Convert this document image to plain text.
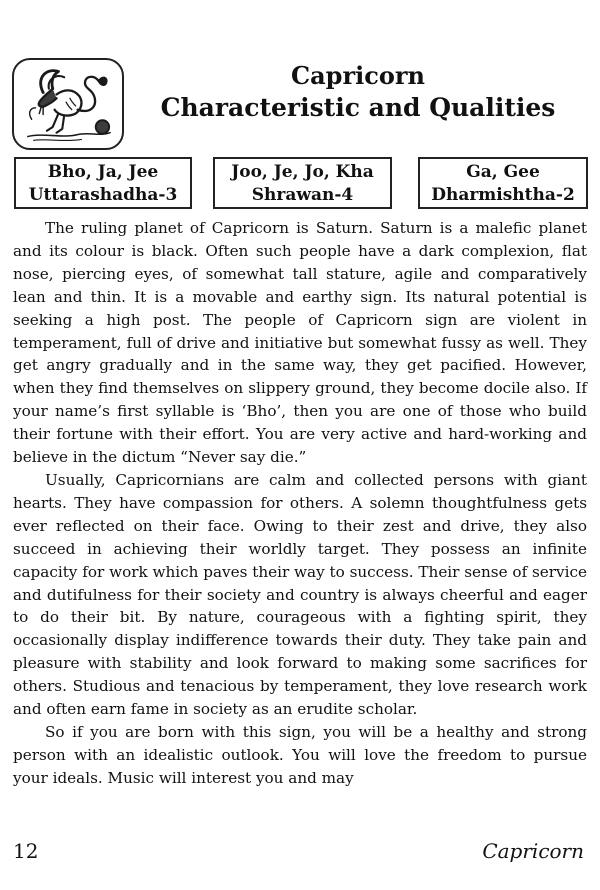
Capricorn
Characteristic and Qualities
Bho, Ja, Jee
Uttarashadha-3
Joo, Je, Jo, Kha
Shrawan-4
Ga, Gee
Dharmishtha-2

The ruling planet of Capricorn is Saturn. Saturn is a malefic planet and its colour is black. Often such people have a dark complexion, flat nose, piercing eyes, of somewhat tall stature, agile and comparatively lean and thin. It is a movable and earthy sign. Its natural potential is seeking a high post. The people of Capricorn sign are violent in temperament, full of drive and initiative but somewhat fussy as well. They get angry gradually and in the same way, they get pacified. However, when they find themselves on slippery ground, they become docile also. If your name’s first syllable is ‘Bho’, then you are one of those who build their fortune with their effort. You are very active and hard-working and believe in the dictum “Never say die.”

Usually, Capricornians are calm and collected persons with giant hearts. They have compassion for others. A solemn thoughtfulness gets ever reflected on their face. Owing to their zest and drive, they also succeed in achieving their worldly target. They possess an infinite capacity for work which paves their way to success. Their sense of service and dutifulness for their society and country is always cheerful and eager to do their bit. By nature, courageous with a fighting spirit, they occasionally display indifference towards their duty. They take pain and pleasure with stability and look forward to making some sacrifices for others. Studious and tenacious by temperament, they love research work and often earn fame in society as an erudite scholar.

So if you are born with this sign, you will be a healthy and strong person with an idealistic outlook. You will love the freedom to pursue your ideals. Music will interest you and may

12	Capricorn
